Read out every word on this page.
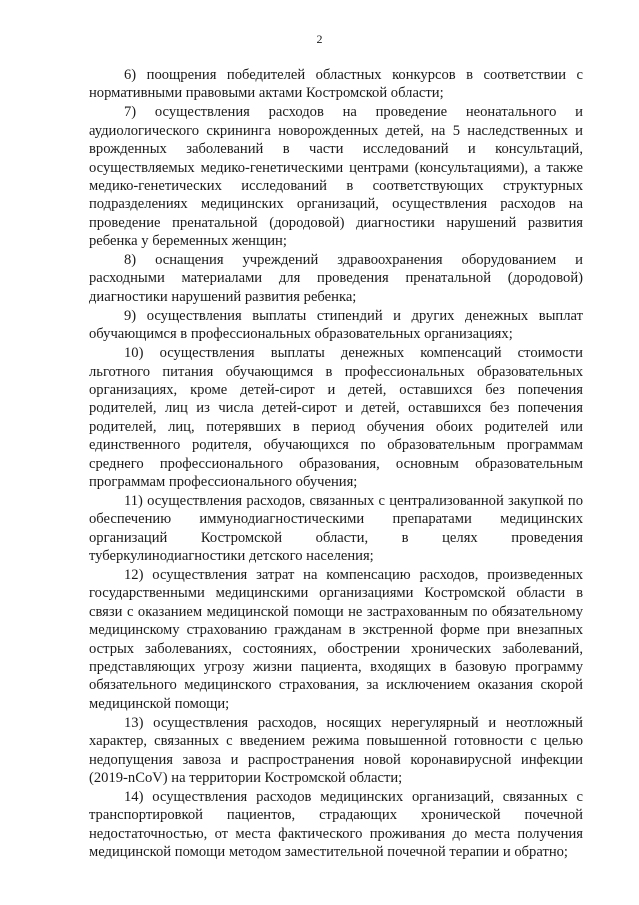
2

6) поощрения победителей областных конкурсов в соответствии с нормативными правовыми актами Костромской области;

7) осуществления расходов на проведение неонатального и аудиологического скрининга новорожденных детей, на 5 наследственных и врожденных заболеваний в части исследований и консультаций, осуществляемых медико-генетическими центрами (консультациями), а также медико-генетических исследований в соответствующих структурных подразделениях медицинских организаций, осуществления расходов на проведение пренатальной (дородовой) диагностики нарушений развития ребенка у беременных женщин;

8) оснащения учреждений здравоохранения оборудованием и расходными материалами для проведения пренатальной (дородовой) диагностики нарушений развития ребенка;

9) осуществления выплаты стипендий и других денежных выплат обучающимся в профессиональных образовательных организациях;

10) осуществления выплаты денежных компенсаций стоимости льготного питания обучающимся в профессиональных образовательных организациях, кроме детей-сирот и детей, оставшихся без попечения родителей, лиц из числа детей-сирот и детей, оставшихся без попечения родителей, лиц, потерявших в период обучения обоих родителей или единственного родителя, обучающихся по образовательным программам среднего профессионального образования, основным образовательным программам профессионального обучения;

11) осуществления расходов, связанных с централизованной закупкой по обеспечению иммунодиагностическими препаратами медицинских организаций Костромской области, в целях проведения туберкулинодиагностики детского населения;

12) осуществления затрат на компенсацию расходов, произведенных государственными медицинскими организациями Костромской области в связи с оказанием медицинской помощи не застрахованным по обязательному медицинскому страхованию гражданам в экстренной форме при внезапных острых заболеваниях, состояниях, обострении хронических заболеваний, представляющих угрозу жизни пациента, входящих в базовую программу обязательного медицинского страхования, за исключением оказания скорой медицинской помощи;

13) осуществления расходов, носящих нерегулярный и неотложный характер, связанных с введением режима повышенной готовности с целью недопущения завоза и распространения новой коронавирусной инфекции (2019-nCoV) на территории Костромской области;

14) осуществления расходов медицинских организаций, связанных с транспортировкой пациентов, страдающих хронической почечной недостаточностью, от места фактического проживания до места получения медицинской помощи методом заместительной почечной терапии и обратно;
